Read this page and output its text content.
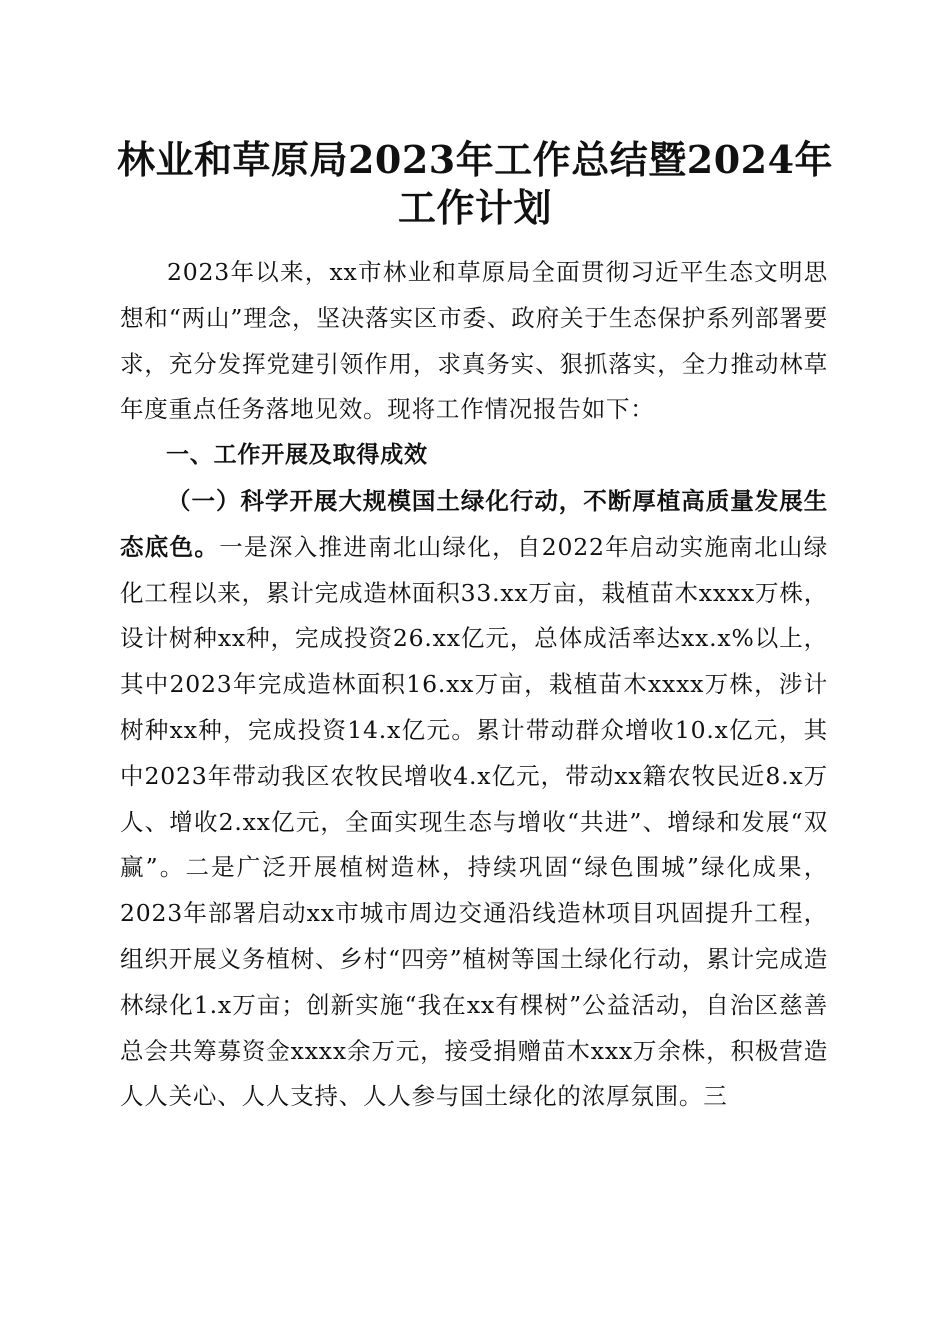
林业和草原局2023年工作总结暨2024年工作计划

2023年以来，xx市林业和草原局全面贯彻习近平生态文明思想和“两山”理念，坚决落实区市委、政府关于生态保护系列部署要求，充分发挥党建引领作用，求真务实、狠抓落实，全力推动林草年度重点任务落地见效。现将工作情况报告如下：

一、工作开展及取得成效

（一）科学开展大规模国土绿化行动，不断厚植高质量发展生态底色。一是深入推进南北山绿化，自2022年启动实施南北山绿化工程以来，累计完成造林面积33.xx万亩，栽植苗木xxxx万株，设计树种xx种，完成投资26.xx亿元，总体成活率达xx.x%以上，其中2023年完成造林面积16.xx万亩，栽植苗木xxxx万株，涉计树种xx种，完成投资14.x亿元。累计带动群众增收10.x亿元，其中2023年带动我区农牧民增收4.x亿元，带动xx籍农牧民近8.x万人、增收2.xx亿元，全面实现生态与增收“共进”、增绿和发展“双赢”。二是广泛开展植树造林，持续巩固“绿色围城”绿化成果，2023年部署启动xx市城市周边交通沿线造林项目巩固提升工程，组织开展义务植树、乡村“四旁”植树等国土绿化行动，累计完成造林绿化1.x万亩；创新实施“我在xx有棵树”公益活动，自治区慈善总会共筹募资金xxxx余万元，接受捐赠苗木xxx万余株，积极营造人人关心、人人支持、人人参与国土绿化的浓厚氛围。三
